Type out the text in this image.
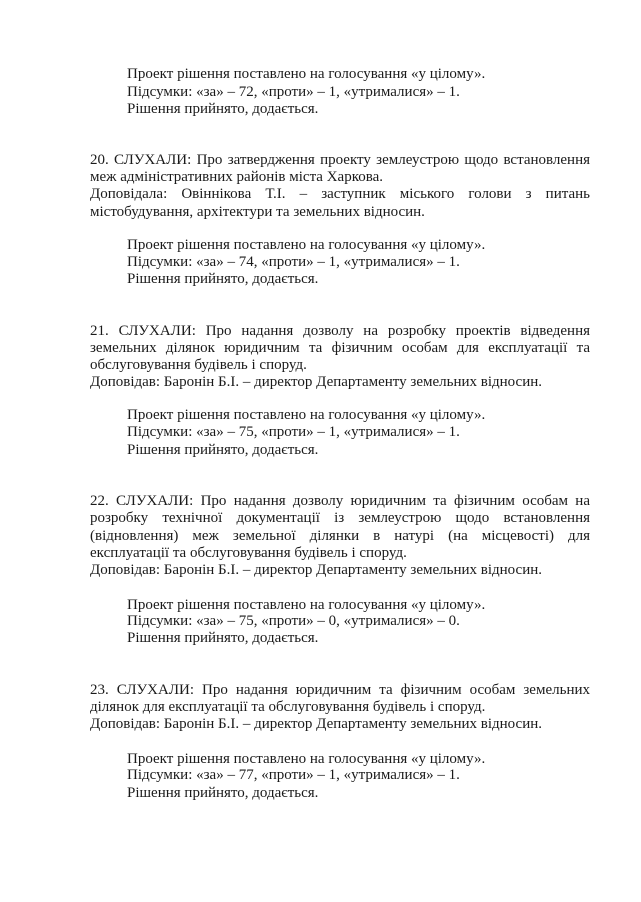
Проект рішення поставлено на голосування «у цілому».
Підсумки: «за» – 72, «проти» – 1, «утрималися» – 1.
Рішення прийнято, додається.
20. СЛУХАЛИ: Про затвердження проекту землеустрою щодо встановлення
меж адміністративних районів міста Харкова.
Доповідала: Овіннікова Т.І. – заступник міського голови з питань
містобудування, архітектури та земельних відносин.
Проект рішення поставлено на голосування «у цілому».
Підсумки: «за» – 74, «проти» – 1, «утрималися» – 1.
Рішення прийнято, додається.
21. СЛУХАЛИ: Про надання дозволу на розробку проектів відведення
земельних ділянок юридичним та фізичним особам для експлуатації та
обслуговування будівель і споруд.
Доповідав: Баронін Б.І. – директор Департаменту земельних відносин.
Проект рішення поставлено на голосування «у цілому».
Підсумки: «за» – 75, «проти» – 1, «утрималися» – 1.
Рішення прийнято, додається.
22. СЛУХАЛИ: Про надання дозволу юридичним та фізичним особам на
розробку технічної документації із землеустрою щодо встановлення
(відновлення) меж земельної ділянки в натурі (на місцевості) для
експлуатації та обслуговування будівель і споруд.
Доповідав: Баронін Б.І. – директор Департаменту земельних відносин.
Проект рішення поставлено на голосування «у цілому».
Підсумки: «за» – 75, «проти» – 0, «утрималися» – 0.
Рішення прийнято, додається.
23. СЛУХАЛИ: Про надання юридичним та фізичним особам земельних
ділянок для експлуатації та обслуговування будівель і споруд.
Доповідав: Баронін Б.І. – директор Департаменту земельних відносин.
Проект рішення поставлено на голосування «у цілому».
Підсумки: «за» – 77, «проти» – 1, «утрималися» – 1.
Рішення прийнято, додається.
